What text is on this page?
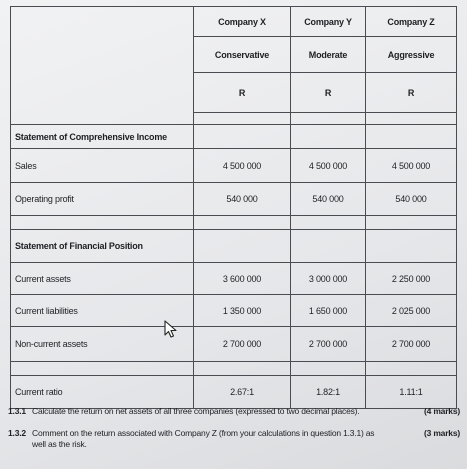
	Company X	Company Y	Company Z
	Conservative	Moderate	Aggressive
	R	R	R

Statement of Comprehensive Income			
Sales	4 500 000	4 500 000	4 500 000
Operating profit	540 000	540 000	540 000

Statement of Financial Position			
Current assets	3 600 000	3 000 000	2 250 000
Current liabilities	1 350 000	1 650 000	2 025 000
Non-current assets	2 700 000	2 700 000	2 700 000

Current ratio	2.67:1	1.82:1	1.11:1
1.3.1 Calculate the return on net assets of all three companies (expressed to two decimal places).	(4 marks)
1.3.2 Comment on the return associated with Company Z (from your calculations in question 1.3.1) as well as the risk.
(3 marks)
